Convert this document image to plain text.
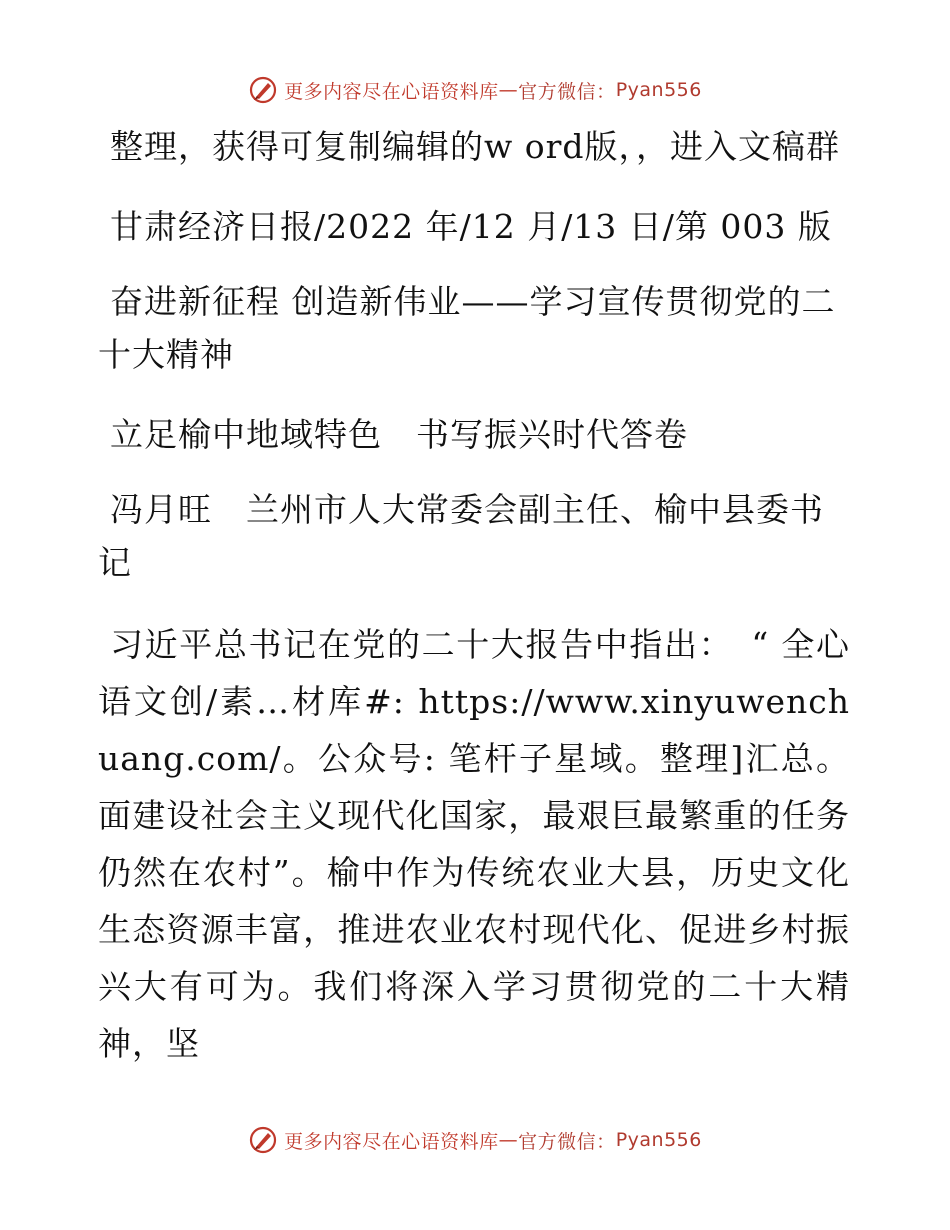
更多内容尽在心语资料库 — 官方微信： Pyan556

整理，获得可复制编辑的w ord版，，进入文稿群

甘肃经济日报/2022 年/12 月/13 日/第 003 版

奋进新征程 创造新伟业——学习宣传贯彻党的二十大精神

立足榆中地域特色　书写振兴时代答卷

冯月旺　兰州市人大常委会副主任、榆中县委书记

习近平总书记在党的二十大报告中指出：　“ 全心语文创/素…材库#: https://www.xinyuwenchuang.com/。公众号: 笔杆子星域。整理]汇总。面建设社会主义现代化国家，最艰巨最繁重的任务仍然在农村”。榆中作为传统农业大县，历史文化生态资源丰富，推进农业农村现代化、促进乡村振兴大有可为。我们将深入学习贯彻党的二十大精神，坚

更多内容尽在心语资料库 — 官方微信： Pyan556
